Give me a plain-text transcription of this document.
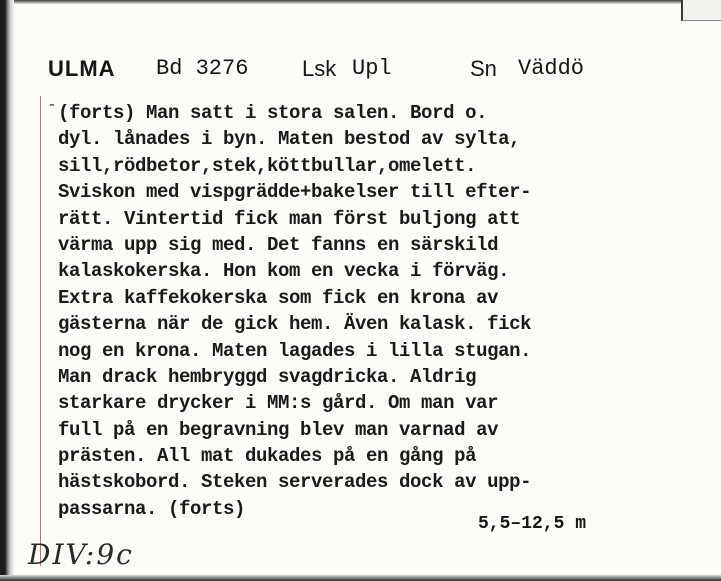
ULMA Bd 3276 Lsk Upl	Sn Väddö
- (forts) Man satt i stora salen. Bord o.
dyl. lånades i byn. Maten bestod av sylta,
sill,rödbetor,stek,köttbullar,omelett.
Sviskon med vispgrädde+bakelser till efter-
rätt. Vintertid fick man först buljong att
värma upp sig med. Det fanns en särskild
kalaskokerska. Hon kom en vecka i förväg.
Extra kaffekokerska som fick en krona av
gästerna när de gick hem. Även kalask. fick
nog en krona. Maten lagades i lilla stugan.
Man drack hembryggd svagdricka. Aldrig
starkare drycker i MM:s gård. Om man var
full på en begravning blev man varnad av
prästen. All mat dukades på en gång på
hästskobord. Steken serverades dock av upp-
passarna. (forts)
5,5–12,5 m
DIV:9c
